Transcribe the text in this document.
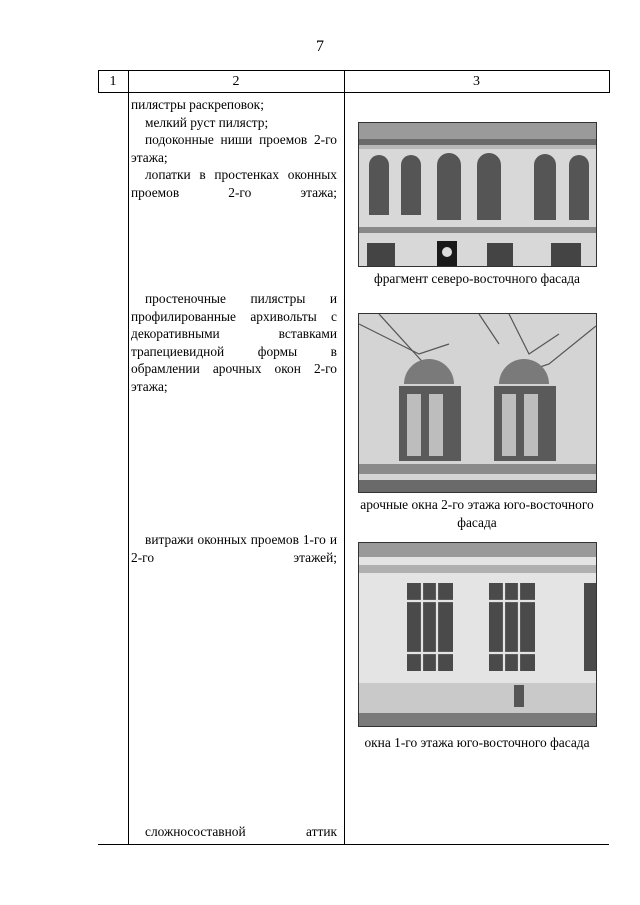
7
1	2	3

пилястры раскреповок;

мелкий руст пилястр;

подоконные ниши проемов 2-го этажа;

лопатки в простенках оконных проемов 2-го этажа;

простеночные пилястры и профилированные архивольты с декоративными вставками трапециевидной формы в обрамлении арочных окон 2-го этажа;

витражи оконных проемов 1-го и 2-го этажей;

сложносоставной аттик

фрагмент северо-восточного фасада
арочные окна 2-го этажа юго-восточного фасада
окна 1-го этажа юго-восточного фасада
